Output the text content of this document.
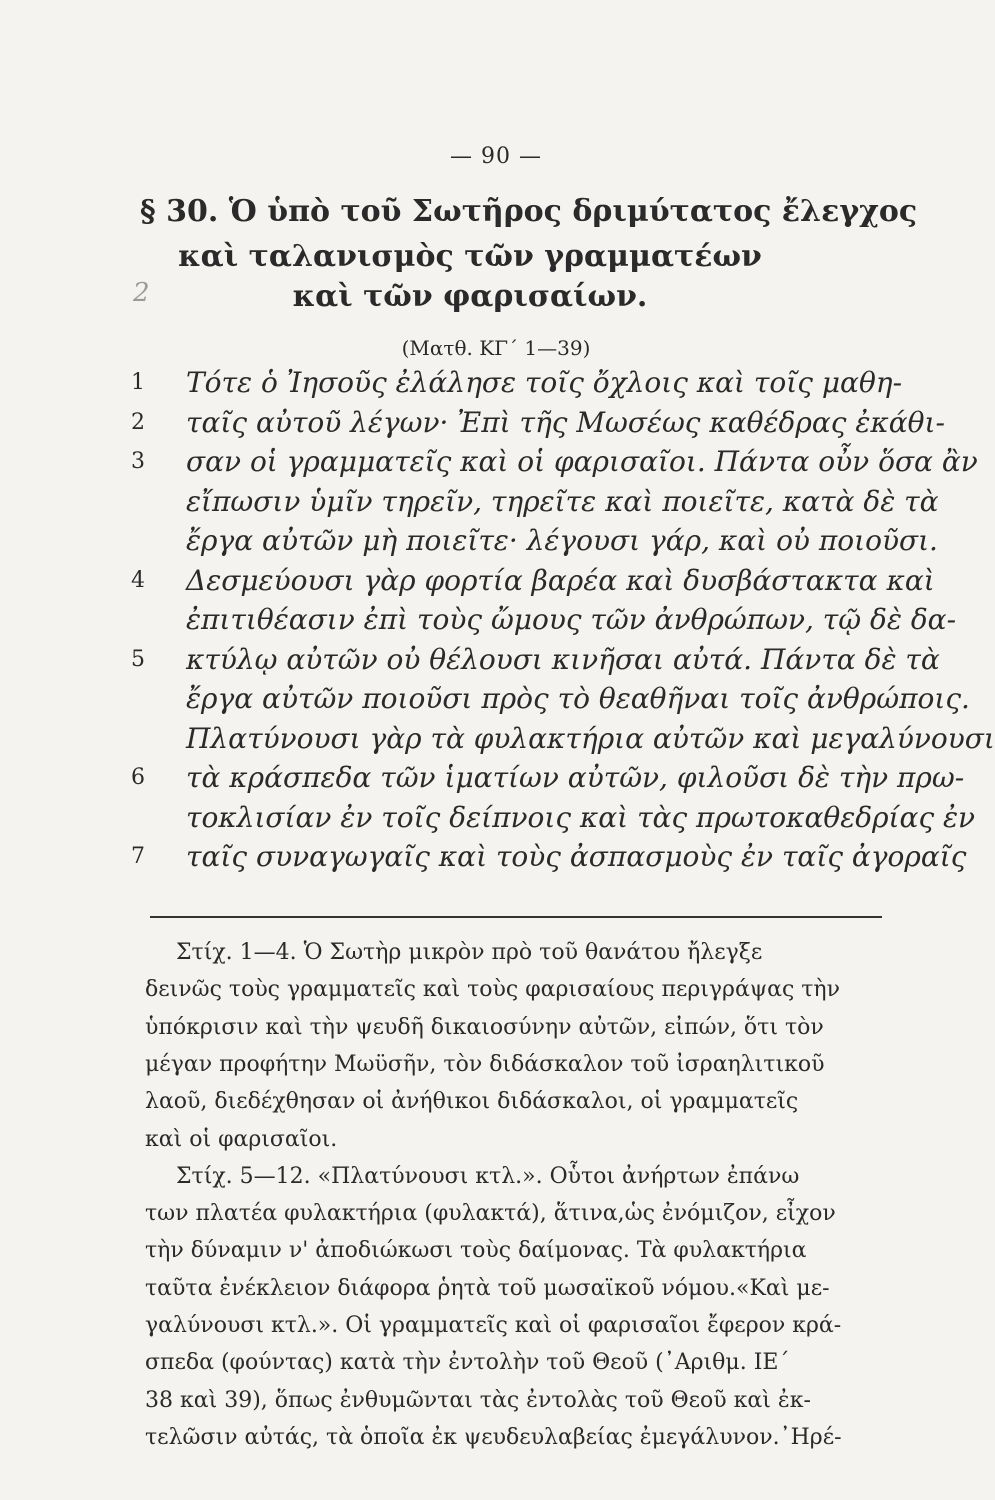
— 90 —
§ 30. Ὁ ὑπὸ τοῦ Σωτῆρος δριμύτατος ἔλεγχος
καὶ ταλανισμὸς τῶν γραμματέων
καὶ τῶν φαρισαίων.
2
(Ματθ. ΚΓ΄ 1—39)
1	Τότε ὁ Ἰησοῦς ἐλάλησε τοῖς ὄχλοις καὶ τοῖς μαθη-
2	ταῖς αὐτοῦ λέγων· Ἐπὶ τῆς Μωσέως καθέδρας ἐκάθι-
3	σαν οἱ γραμματεῖς καὶ οἱ φαρισαῖοι. Πάντα οὖν ὅσα ἂν
εἴπωσιν ὑμῖν τηρεῖν, τηρεῖτε καὶ ποιεῖτε, κατὰ δὲ τὰ
ἔργα αὐτῶν μὴ ποιεῖτε· λέγουσι γάρ, καὶ οὐ ποιοῦσι.
4	Δεσμεύουσι γὰρ φορτία βαρέα καὶ δυσβάστακτα καὶ
ἐπιτιθέασιν ἐπὶ τοὺς ὤμους τῶν ἀνθρώπων, τῷ δὲ δα-
5	κτύλῳ αὐτῶν οὐ θέλουσι κινῆσαι αὐτά. Πάντα δὲ τὰ
ἔργα αὐτῶν ποιοῦσι πρὸς τὸ θεαθῆναι τοῖς ἀνθρώποις.
Πλατύνουσι γὰρ τὰ φυλακτήρια αὐτῶν καὶ μεγαλύνουσι
6	τὰ κράσπεδα τῶν ἱματίων αὐτῶν, φιλοῦσι δὲ τὴν πρω-
τοκλισίαν ἐν τοῖς δείπνοις καὶ τὰς πρωτοκαθεδρίας ἐν
7	ταῖς συναγωγαῖς καὶ τοὺς ἀσπασμοὺς ἐν ταῖς ἀγοραῖς
Στίχ. 1—4. Ὁ Σωτὴρ μικρὸν πρὸ τοῦ θανάτου ἤλεγξε
δεινῶς τοὺς γραμματεῖς καὶ τοὺς φαρισαίους περιγράψας τὴν
ὑπόκρισιν καὶ τὴν ψευδῆ δικαιοσύνην αὐτῶν, εἰπών, ὅτι τὸν
μέγαν προφήτην Μωϋσῆν, τὸν διδάσκαλον τοῦ ἰσραηλιτικοῦ
λαοῦ, διεδέχθησαν οἱ ἀνήθικοι διδάσκαλοι, οἱ γραμματεῖς
καὶ οἱ φαρισαῖοι.
Στίχ. 5—12. «Πλατύνουσι κτλ.». Οὗτοι ἀνήρτων ἐπάνω
των πλατέα φυλακτήρια (φυλακτά), ἅτινα,ὡς ἐνόμιζον, εἶχον
τὴν δύναμιν ν' ἀποδιώκωσι τοὺς δαίμονας. Τὰ φυλακτήρια
ταῦτα ἐνέκλειον διάφορα ῥητὰ τοῦ μωσαϊκοῦ νόμου.«Καὶ με-
γαλύνουσι κτλ.». Οἱ γραμματεῖς καὶ οἱ φαρισαῖοι ἔφερον κρά-
σπεδα (φούντας) κατὰ τὴν ἐντολὴν τοῦ Θεοῦ (᾽Αριθμ. ΙΕ΄
38 καὶ 39), ὅπως ἐνθυμῶνται τὰς ἐντολὰς τοῦ Θεοῦ καὶ ἐκ-
τελῶσιν αὐτάς, τὰ ὁποῖα ἐκ ψευδευλαβείας ἐμεγάλυνον.᾽Ηρέ-
